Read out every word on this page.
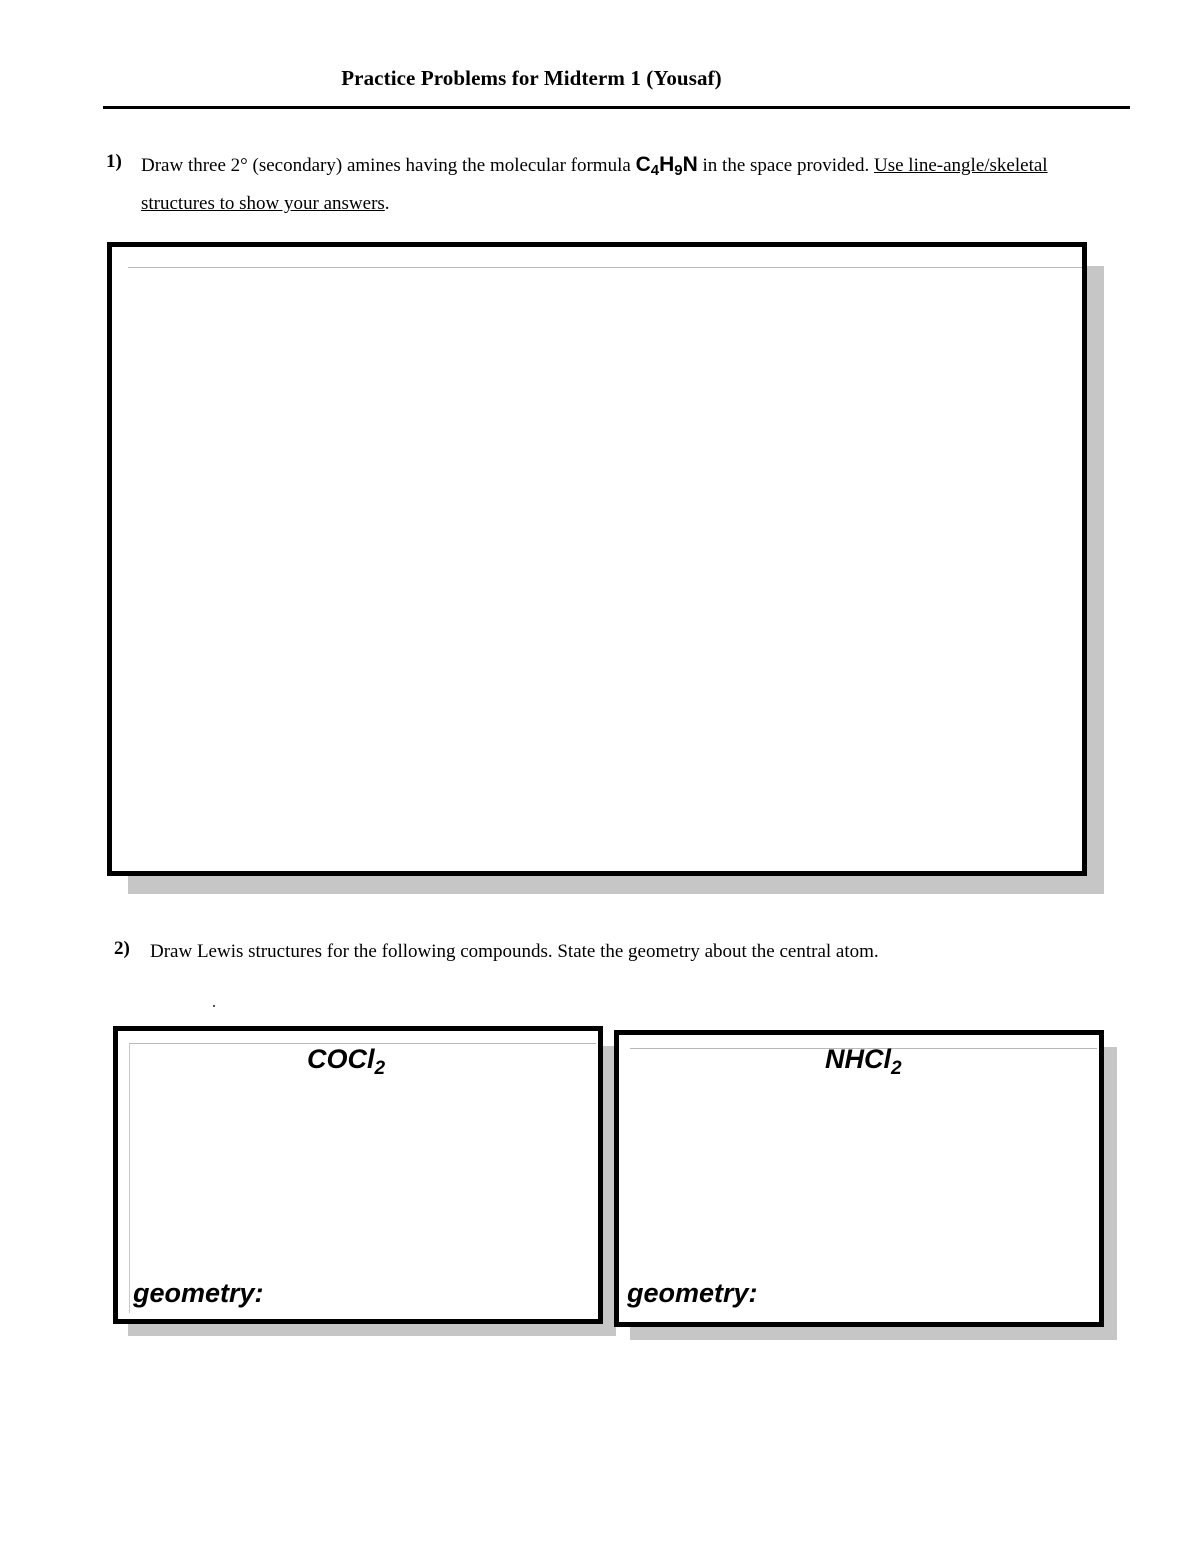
Practice Problems for Midterm 1 (Yousaf)
1) Draw three 2° (secondary) amines having the molecular formula $C_4H_9N$ in the space provided. Use line-angle/skeletal structures to show your answers.
2) Draw Lewis structures for the following compounds. State the geometry about the central atom.
COCl$_2$
geometry:
NHCl$_2$
geometry:
